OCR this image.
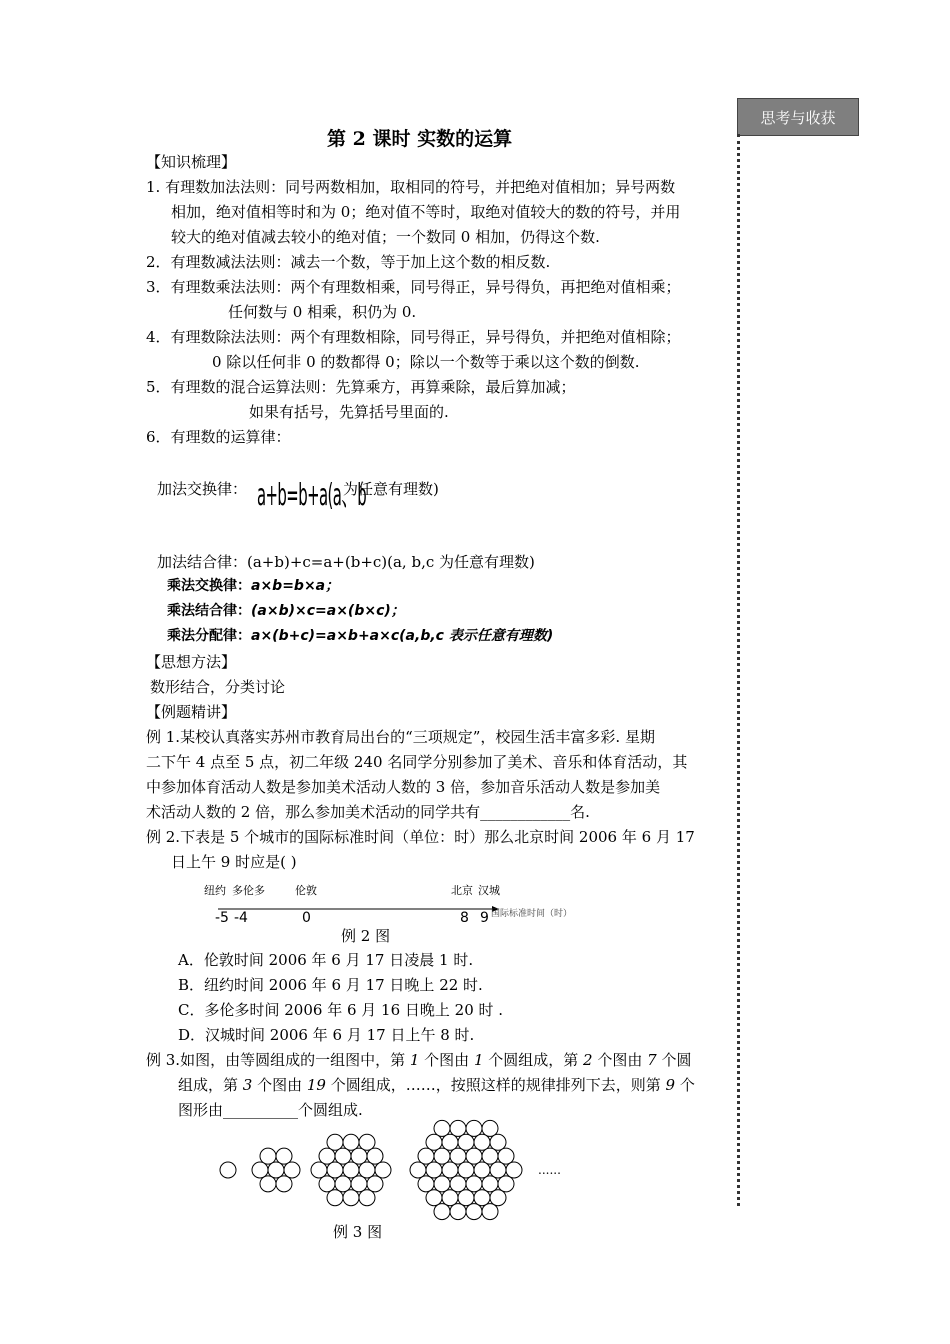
思考与收获
第 2 课时 实数的运算
【知识梳理】
1. 有理数加法法则：同号两数相加，取相同的符号，并把绝对值相加；异号两数
相加，绝对值相等时和为 0；绝对值不等时，取绝对值较大的数的符号，并用
较大的绝对值减去较小的绝对值；一个数同 0 相加，仍得这个数.
2．有理数减法法则：减去一个数，等于加上这个数的相反数.
3．有理数乘法法则：两个有理数相乘，同号得正，异号得负，再把绝对值相乘；
任何数与 0 相乘，积仍为 0.
4．有理数除法法则：两个有理数相除，同号得正，异号得负，并把绝对值相除；
0 除以任何非 0 的数都得 0；除以一个数等于乘以这个数的倒数.
5．有理数的混合运算法则：先算乘方，再算乘除，最后算加减；
如果有括号，先算括号里面的.
6．有理数的运算律：
加法交换律： a+b=b+a(a、b
为任意有理数)
加法结合律：(a+b)+c=a+(b+c)(a, b,c 为任意有理数)
乘法交换律：a×b=b×a；
乘法结合律：(a×b)×c=a×(b×c)；
乘法分配律：a×(b+c)=a×b+a×c(a,b,c 表示任意有理数)
【思想方法】
数形结合，分类讨论
【例题精讲】
例 1.某校认真落实苏州市教育局出台的“三项规定”，校园生活丰富多彩. 星期
二下午 4 点至 5 点，初二年级 240 名同学分别参加了美术、音乐和体育活动，其
中参加体育活动人数是参加美术活动人数的 3 倍，参加音乐活动人数是参加美
术活动人数的 2 倍，那么参加美术活动的同学共有____________名.
例 2.下表是 5 个城市的国际标准时间（单位：时）那么北京时间 2006 年 6 月 17
日上午 9 时应是( )
纽约 多伦多	伦敦	北京 汉城
-5 -4	0	8 9 国际标准时间（时）
例 2 图
A．伦敦时间 2006 年 6 月 17 日凌晨 1 时.
B．纽约时间 2006 年 6 月 17 日晚上 22 时.
C．多伦多时间 2006 年 6 月 16 日晚上 20 时 .
D．汉城时间 2006 年 6 月 17 日上午 8 时.
例 3.如图，由等圆组成的一组图中，第 1 个图由 1 个圆组成，第 2 个图由 7 个圆
组成，第 3 个图由 19 个圆组成，……，按照这样的规律排列下去，则第 9 个
图形由__________个圆组成.
......
例 3 图
